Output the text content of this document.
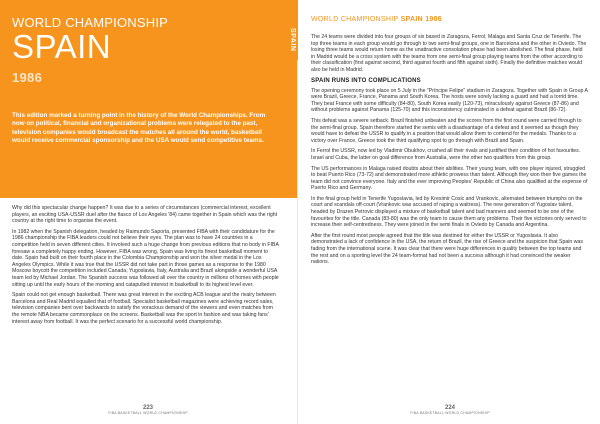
WORLD CHAMPIONSHIP
SPAIN
1986
This edition marked a turning point in the history of the World Championships. From now on political, financial and organizational problems were relegated to the past, television companies would broadcast the matches all around the world, basketball would receive commercial sponsorship and the USA would send competitive teams.

Why did this spectacular change happen? It was due to a series of circumstances (commercial interest, excellent players, an exciting USA-USSR duel after the fiasco of Los Angeles '84) came together in Spain which was the right country at the right time to organise the event.

In 1982 when the Spanish delegation, headed by Raimundo Saporta, presented FIBA with their candidature for the 1986 championship the FIBA leaders could not believe their eyes. The plan was to have 24 countries in a competition held in seven different cities. It involved such a huge change from previous editions that no body in FIBA foresaw a completely happy ending. However, FIBA was wrong, Spain was living its finest basketball moment to date. Spain had built on their fourth place in the Colombia Championship and won the silver medal in the Los Angeles Olympics. While it was true that the USSR did not take part in those games as a response to the 1980 Moscow boycott the competition included Canada, Yugoslavia, Italy, Australia and Brazil alongside a wonderful USA team led by Michael Jordan. The Spanish success was followed all over the country in millions of homes with people sitting up until the early hours of the morning and catapulted interest in basketball to its highest level ever.

Spain could not get enough basketball. There was great interest in the exciting ACB league and the rivalry between Barcelona and Real Madrid equalled that of football. Specialist basketball magazines were achieving record sales, television companies bent over backwards to satisfy the voracious demand of the viewers and even matches from the remote NBA became commonplace on the screens. Basketball was the sport in fashion and was taking fans' interest away from football. It was the perfect scenario for a successful world championship.

223
FIBA BASKETBALL WORLD CHAMPIONSHIP
WORLD CHAMPIONSHIP SPAIN 1986

The 24 teams were divided into four groups of six based in Zaragoza, Ferrol, Malaga and Santa Cruz de Tenerife. The top three teams in each group would go through to two semi-final groups, one in Barcelona and the other in Oviedo. The losing three teams would return home as the unattractive consolation phase had been abolished. The final phase, held in Madrid would be a cross system with the teams from one semi-final group playing teams from the other according to their classification (first against second, third against fourth and fifth against sixth). Finally the definitive matches would also be held in Madrid.

SPAIN RUNS INTO COMPLICATIONS

The opening ceremony took place on 5 July in the "Príncipe Felipe" stadium in Zaragoza. Together with Spain in Group A were Brazil, Greece, France, Panama and South Korea. The hosts were sorely lacking a guard and had a torrid time. They beat France with some difficulty (84-80), South Korea easily (120-73), miraculously against Greece (87-86) and without problems against Panama (125-70) and this inconsistency culminated in a defeat against Brazil (86-72).

This defeat was a severe setback. Brazil finished unbeaten and the scores from the first round were carried through to the semi-final group. Spain therefore started the semis with a disadvantage of a defeat and it seemed as though they would have to defeat the USSR to qualify in a position that would allow them to contend for the medals. Thanks to a victory over France, Greece took the third qualifying spot to go through with Brazil and Spain.

In Ferrol the USSR, now led by Vladimir Obukhov, crushed all their rivals and justified their condition of hot favourites. Israel and Cuba, the latter on goal difference from Australia, were the other two qualifiers from this group.

The US performances in Malaga raised doubts about their abilities. Their young team, with one player injured, struggled to beat Puerto Rico (73-72) and demonstrated more athletic prowess than talent. Although they won their five games the team did not convince everyone. Italy and the ever improving Peoples' Republic of China also qualified at the expense of Puerto Rico and Germany.

In the final group held in Tenerife Yugoslavia, led by Kresimir Cosic and Vrankovic, alternated between triumphs on the court and scandals off-court (Vrankovic was accused of raping a waitress). The new generation of Yugoslav talent, headed by Drazen Petrovic displayed a mixture of basketball talent and bad manners and seemed to be one of the favourites for the title. Canada (83-80) was the only team to cause them any problems. Their five victories only served to increase their self-centredness. They were joined in the semi finals in Oviedo by Canada and Argentina.

After the first round most people agreed that the title was destined for either the USSR or Yugoslavia. It also demonstrated a lack of confidence in the USA, the return of Brazil, the rise of Greece and the suspicion that Spain was fading from the international scene. It was clear that there were huge differences in quality between the top teams and the rest and on a sporting level the 24 team-format had not been a success although it had convinced the weaker nations.

224
FIBA BASKETBALL WORLD CHAMPIONSHIP
SPAIN
